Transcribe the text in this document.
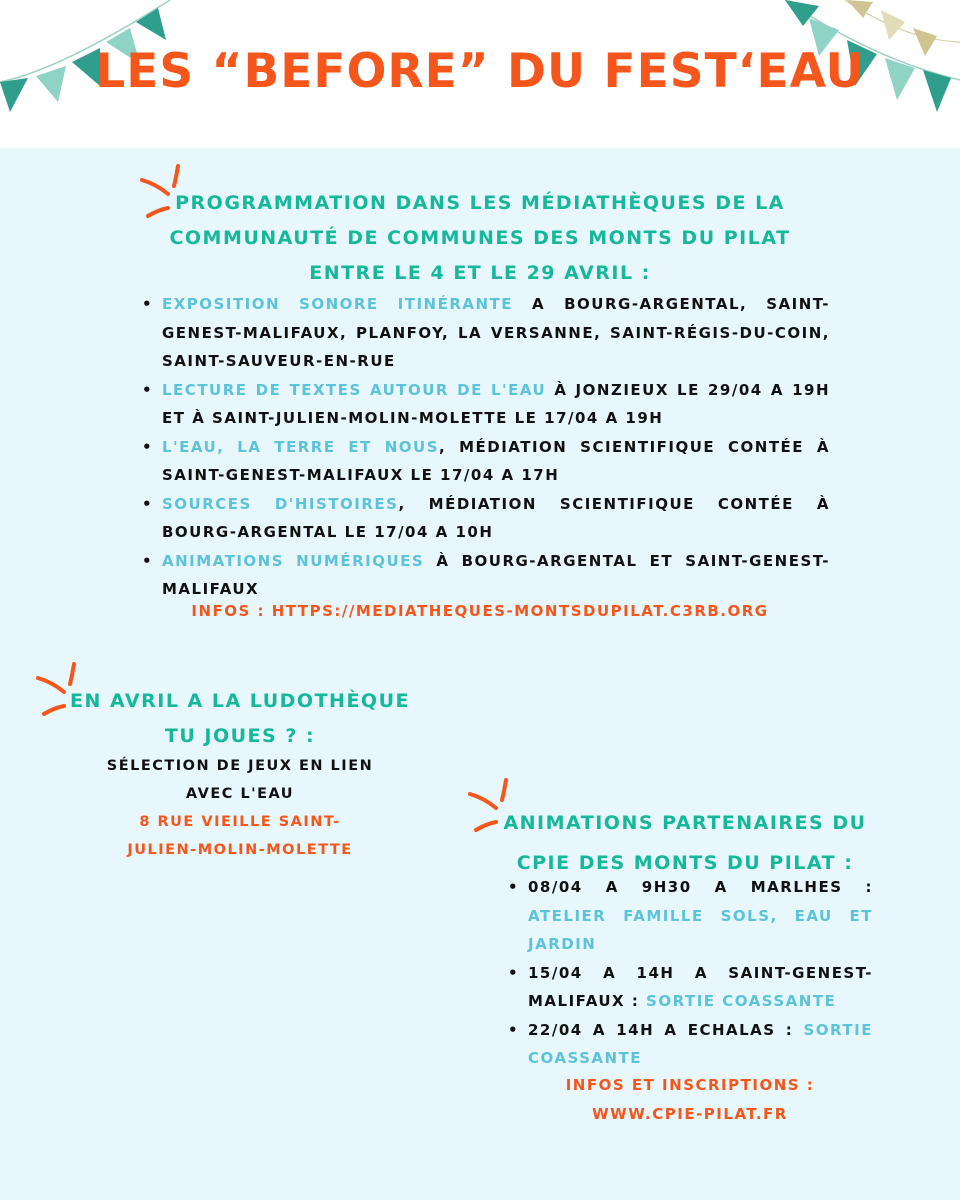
LES “BEFORE” DU FEST‘EAU
PROGRAMMATION DANS LES MÉDIATHÈQUES DE LA COMMUNAUTÉ DE COMMUNES DES MONTS DU PILAT ENTRE LE 4 ET LE 29 AVRIL :
• EXPOSITION SONORE ITINÉRANTE A BOURG-ARGENTAL, SAINT-GENEST-MALIFAUX, PLANFOY, LA VERSANNE, SAINT-RÉGIS-DU-COIN, SAINT-SAUVEUR-EN-RUE
• LECTURE DE TEXTES AUTOUR DE L'EAU À JONZIEUX LE 29/04 A 19H ET À SAINT-JULIEN-MOLIN-MOLETTE LE 17/04 A 19H
• L'EAU, LA TERRE ET NOUS, MÉDIATION SCIENTIFIQUE CONTÉE À SAINT-GENEST-MALIFAUX LE 17/04 A 17H
• SOURCES D'HISTOIRES, MÉDIATION SCIENTIFIQUE CONTÉE À BOURG-ARGENTAL LE 17/04 A 10H
• ANIMATIONS NUMÉRIQUES À BOURG-ARGENTAL ET SAINT-GENEST-MALIFAUX
INFOS : HTTPS://MEDIATHEQUES-MONTSDUPILAT.C3RB.ORG
EN AVRIL A LA LUDOTHÈQUE
TU JOUES ? :
SÉLECTION DE JEUX EN LIEN AVEC L'EAU
8 RUE VIEILLE SAINT-JULIEN-MOLIN-MOLETTE
ANIMATIONS PARTENAIRES DU
CPIE DES MONTS DU PILAT :
• 08/04 A 9H30 A MARLHES : ATELIER FAMILLE SOLS, EAU ET JARDIN
• 15/04 A 14H A SAINT-GENEST-MALIFAUX : SORTIE COASSANTE
• 22/04 A 14H A ECHALAS : SORTIE COASSANTE
INFOS ET INSCRIPTIONS :
WWW.CPIE-PILAT.FR
